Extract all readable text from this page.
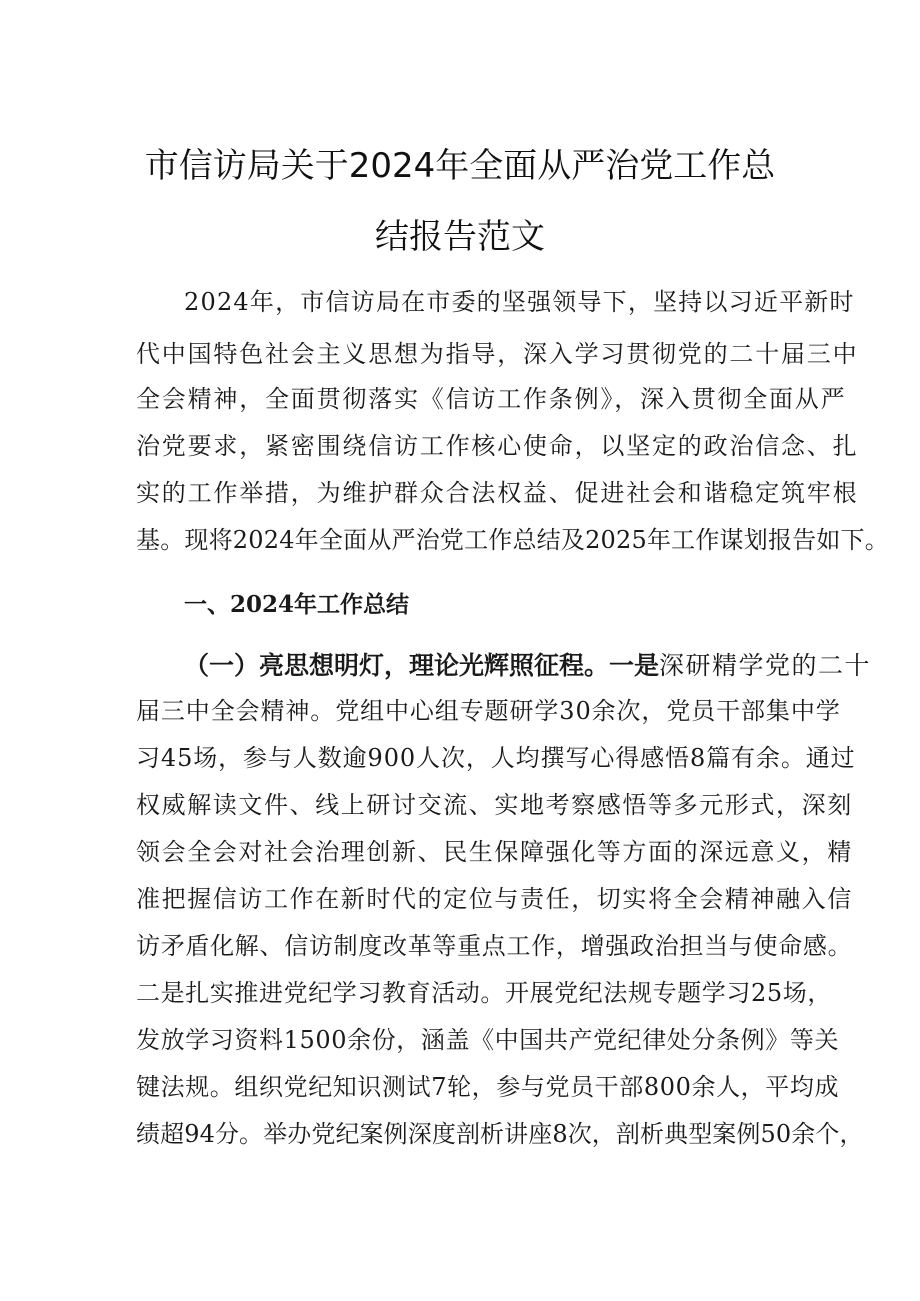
市信访局关于2024年全面从严治党工作总
结报告范文
2024年，市信访局在市委的坚强领导下，坚持以习近平新时
代中国特色社会主义思想为指导，深入学习贯彻党的二十届三中
全会精神，全面贯彻落实《信访工作条例》，深入贯彻全面从严
治党要求，紧密围绕信访工作核心使命，以坚定的政治信念、扎
实的工作举措，为维护群众合法权益、促进社会和谐稳定筑牢根
基。现将2024年全面从严治党工作总结及2025年工作谋划报告如下。
一、2024年工作总结
（一）亮思想明灯，理论光辉照征程。一是深研精学党的二十
届三中全会精神。党组中心组专题研学30余次，党员干部集中学
习45场，参与人数逾900人次，人均撰写心得感悟8篇有余。通过
权威解读文件、线上研讨交流、实地考察感悟等多元形式，深刻
领会全会对社会治理创新、民生保障强化等方面的深远意义，精
准把握信访工作在新时代的定位与责任，切实将全会精神融入信
访矛盾化解、信访制度改革等重点工作，增强政治担当与使命感。
二是扎实推进党纪学习教育活动。开展党纪法规专题学习25场，
发放学习资料1500余份，涵盖《中国共产党纪律处分条例》等关
键法规。组织党纪知识测试7轮，参与党员干部800余人，平均成
绩超94分。举办党纪案例深度剖析讲座8次，剖析典型案例50余个，
